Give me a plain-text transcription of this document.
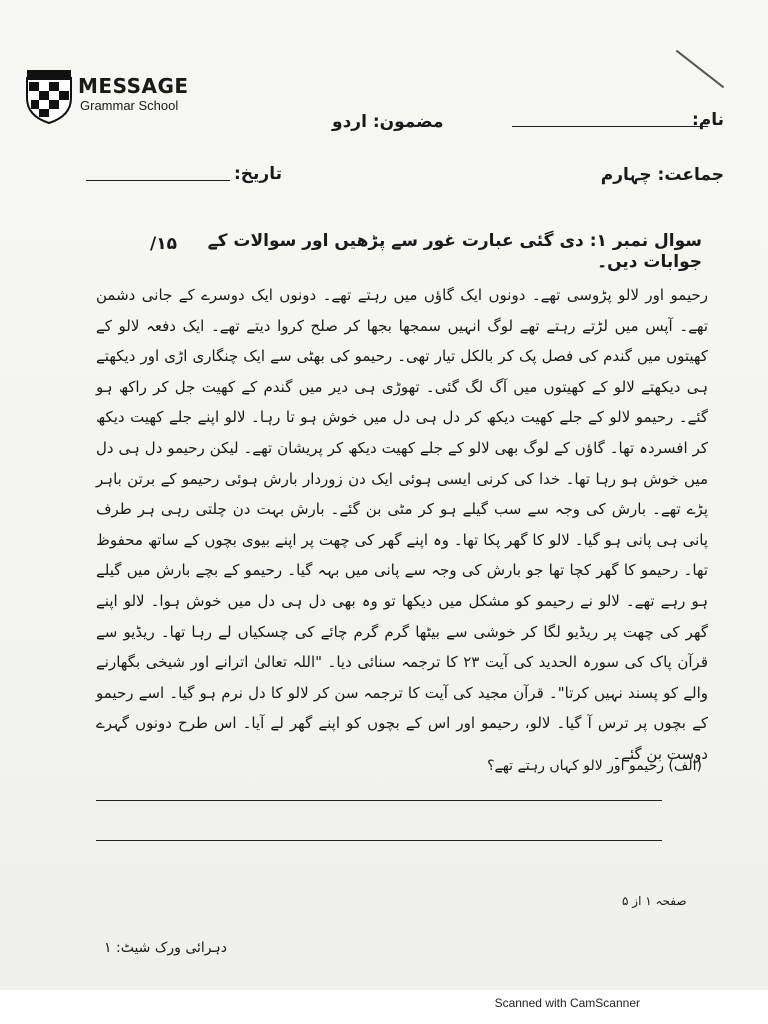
MESSAGE
Grammar School
نام:
مضمون: اردو
جماعت: چہارم
تاریخ:
سوال نمبر ۱: دی گئی عبارت غور سے پڑھیں اور سوالات کے جوابات دیں۔
/۱۵

رحیمو اور لالو پڑوسی تھے۔ دونوں ایک گاؤں میں رہتے تھے۔ دونوں ایک دوسرے کے جانی دشمن تھے۔ آپس میں لڑتے رہتے تھے لوگ انہیں سمجھا بجھا کر صلح کروا دیتے تھے۔ ایک دفعہ لالو کے کھیتوں میں گندم کی فصل پک کر بالکل تیار تھی۔ رحیمو کی بھٹی سے ایک چنگاری اڑی اور دیکھتے ہی دیکھتے لالو کے کھیتوں میں آگ لگ گئی۔ تھوڑی ہی دیر میں گندم کے کھیت جل کر راکھ ہو گئے۔ رحیمو لالو کے جلے کھیت دیکھ کر دل ہی دل میں خوش ہو تا رہا۔ لالو اپنے جلے کھیت دیکھ کر افسردہ تھا۔ گاؤں کے لوگ بھی لالو کے جلے کھیت دیکھ کر پریشان تھے۔ لیکن رحیمو دل ہی دل میں خوش ہو رہا تھا۔ خدا کی کرنی ایسی ہوئی ایک دن زوردار بارش ہوئی رحیمو کے برتن باہر پڑے تھے۔ بارش کی وجہ سے سب گیلے ہو کر مٹی بن گئے۔ بارش بہت دن چلتی رہی ہر طرف پانی ہی پانی ہو گیا۔ لالو کا گھر پکا تھا۔ وہ اپنے گھر کی چھت پر اپنے بیوی بچوں کے ساتھ محفوظ تھا۔ رحیمو کا گھر کچا تھا جو بارش کی وجہ سے پانی میں بہہ گیا۔ رحیمو کے بچے بارش میں گیلے ہو رہے تھے۔ لالو نے رحیمو کو مشکل میں دیکھا تو وہ بھی دل ہی دل میں خوش ہوا۔ لالو اپنے گھر کی چھت پر ریڈیو لگا کر خوشی سے بیٹھا گرم گرم چائے کی چسکیاں لے رہا تھا۔ ریڈیو سے قرآن پاک کی سورہ الحدید کی آیت ۲۳ کا ترجمہ سنائی دیا۔ "اللہ تعالیٰ اترانے اور شیخی بگھارنے والے کو پسند نہیں کرتا"۔ قرآن مجید کی آیت کا ترجمہ سن کر لالو کا دل نرم ہو گیا۔ اسے رحیمو کے بچوں پر ترس آ گیا۔ لالو، رحیمو اور اس کے بچوں کو اپنے گھر لے آیا۔ اس طرح دونوں گہرے دوست بن گئے۔

(الف) رحیمو اور لالو کہاں رہتے تھے؟
صفحہ ۱ از ۵
دہرائی ورک شیٹ: ۱
Scanned with CamScanner
